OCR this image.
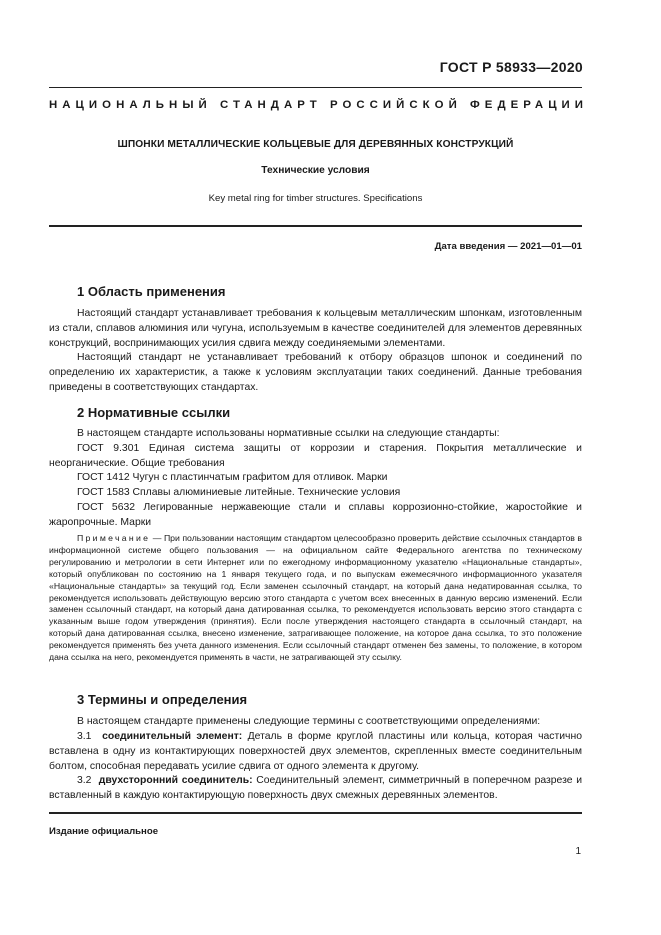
ГОСТ Р 58933—2020
НАЦИОНАЛЬНЫЙ СТАНДАРТ РОССИЙСКОЙ ФЕДЕРАЦИИ
ШПОНКИ МЕТАЛЛИЧЕСКИЕ КОЛЬЦЕВЫЕ ДЛЯ ДЕРЕВЯННЫХ КОНСТРУКЦИЙ
Технические условия
Key metal ring for timber structures. Specifications
Дата введения — 2021—01—01
1 Область применения

Настоящий стандарт устанавливает требования к кольцевым металлическим шпонкам, изготовленным из стали, сплавов алюминия или чугуна, используемым в качестве соединителей для элементов деревянных конструкций, воспринимающих усилия сдвига между соединяемыми элементами.

Настоящий стандарт не устанавливает требований к отбору образцов шпонок и соединений по определению их характеристик, а также к условиям эксплуатации таких соединений. Данные требования приведены в соответствующих стандартах.

2 Нормативные ссылки

В настоящем стандарте использованы нормативные ссылки на следующие стандарты:

ГОСТ 9.301 Единая система защиты от коррозии и старения. Покрытия металлические и неорганические. Общие требования

ГОСТ 1412 Чугун с пластинчатым графитом для отливок. Марки

ГОСТ 1583 Сплавы алюминиевые литейные. Технические условия

ГОСТ 5632 Легированные нержавеющие стали и сплавы коррозионно-стойкие, жаростойкие и жаропрочные. Марки

Примечание — При пользовании настоящим стандартом целесообразно проверить действие ссылочных стандартов в информационной системе общего пользования — на официальном сайте Федерального агентства по техническому регулированию и метрологии в сети Интернет или по ежегодному информационному указателю «Национальные стандарты», который опубликован по состоянию на 1 января текущего года, и по выпускам ежемесячного информационного указателя «Национальные стандарты» за текущий год. Если заменен ссылочный стандарт, на который дана недатированная ссылка, то рекомендуется использовать действующую версию этого стандарта с учетом всех внесенных в данную версию изменений. Если заменен ссылочный стандарт, на который дана датированная ссылка, то рекомендуется использовать версию этого стандарта с указанным выше годом утверждения (принятия). Если после утверждения настоящего стандарта в ссылочный стандарт, на который дана датированная ссылка, внесено изменение, затрагивающее положение, на которое дана ссылка, то это положение рекомендуется применять без учета данного изменения. Если ссылочный стандарт отменен без замены, то положение, в котором дана ссылка на него, рекомендуется применять в части, не затрагивающей эту ссылку.

3 Термины и определения

В настоящем стандарте применены следующие термины с соответствующими определениями:

3.1 соединительный элемент: Деталь в форме круглой пластины или кольца, которая частично вставлена в одну из контактирующих поверхностей двух элементов, скрепленных вместе соединительным болтом, способная передавать усилие сдвига от одного элемента к другому.

3.2 двухсторонний соединитель: Соединительный элемент, симметричный в поперечном разрезе и вставленный в каждую контактирующую поверхность двух смежных деревянных элементов.

Издание официальное
1
